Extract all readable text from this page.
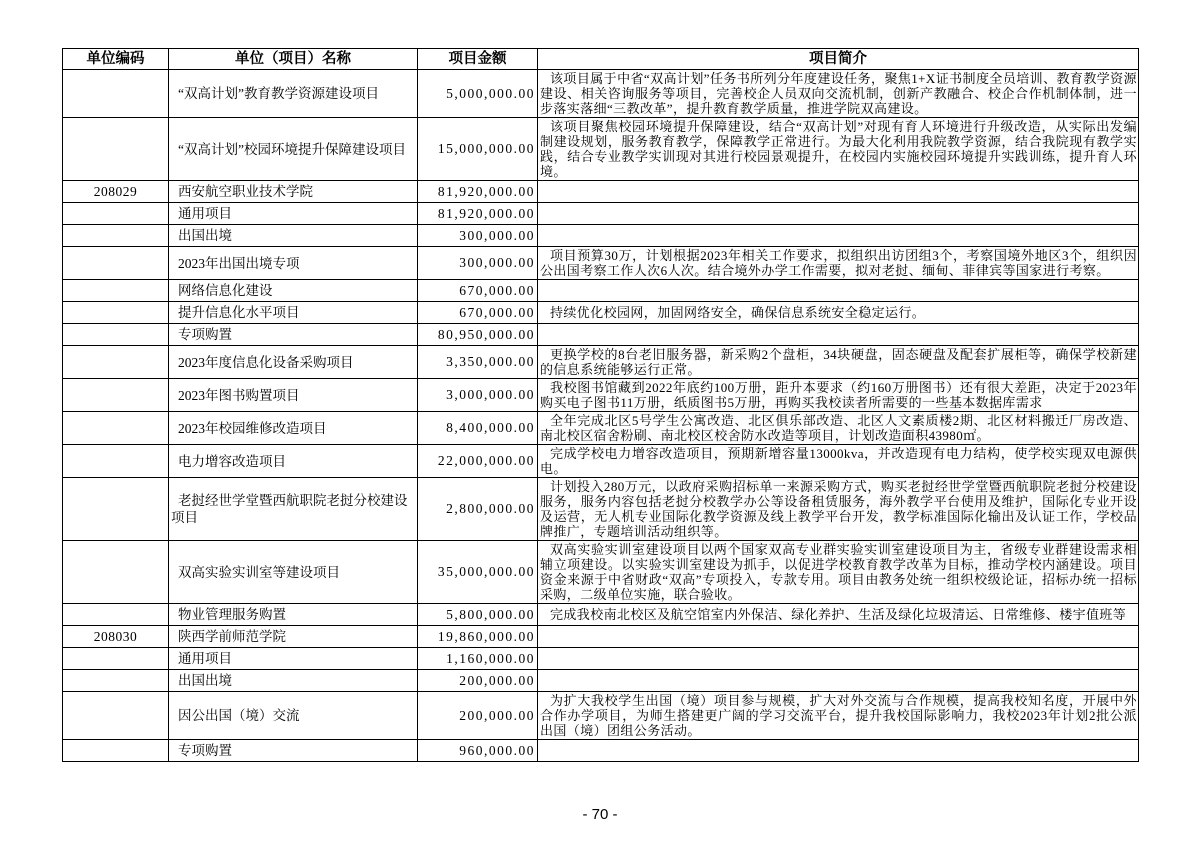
单位编码	单位（项目）名称	项目金额	项目简介
	“双高计划”教育教学资源建设项目	5,000,000.00	该项目属于中省“双高计划”任务书所列分年度建设任务，聚焦1+X证书制度全员培训、教育教学资源建设、相关咨询服务等项目，完善校企人员双向交流机制，创新产教融合、校企合作机制体制，进一步落实落细“三教改革”，提升教育教学质量，推进学院双高建设。
	“双高计划”校园环境提升保障建设项目	15,000,000.00	该项目聚焦校园环境提升保障建设，结合“双高计划”对现有育人环境进行升级改造，从实际出发编制建设规划，服务教育教学，保障教学正常进行。为最大化利用我院教学资源，结合我院现有教学实践，结合专业教学实训现对其进行校园景观提升，在校园内实施校园环境提升实践训练，提升育人环境。
208029	西安航空职业技术学院	81,920,000.00	
	通用项目	81,920,000.00	
	出国出境	300,000.00	
	2023年出国出境专项	300,000.00	项目预算30万，计划根据2023年相关工作要求，拟组织出访团组3个，考察国境外地区3个，组织因公出国考察工作人次6人次。结合境外办学工作需要，拟对老挝、缅甸、菲律宾等国家进行考察。
	网络信息化建设	670,000.00	
	提升信息化水平项目	670,000.00	持续优化校园网，加固网络安全，确保信息系统安全稳定运行。
	专项购置	80,950,000.00	
	2023年度信息化设备采购项目	3,350,000.00	更换学校的8台老旧服务器，新采购2个盘柜，34块硬盘，固态硬盘及配套扩展柜等，确保学校新建的信息系统能够运行正常。
	2023年图书购置项目	3,000,000.00	我校图书馆藏到2022年底约100万册，距升本要求（约160万册图书）还有很大差距，决定于2023年购买电子图书11万册，纸质图书5万册，再购买我校读者所需要的一些基本数据库需求
	2023年校园维修改造项目	8,400,000.00	全年完成北区5号学生公寓改造、北区俱乐部改造、北区人文素质楼2期、北区材料搬迁厂房改造、南北校区宿舍粉刷、南北校区校舍防水改造等项目，计划改造面积43980㎡。
	电力增容改造项目	22,000,000.00	完成学校电力增容改造项目，预期新增容量13000kva，并改造现有电力结构，使学校实现双电源供电。
	老挝经世学堂暨西航职院老挝分校建设项目	2,800,000.00	计划投入280万元，以政府采购招标单一来源采购方式，购买老挝经世学堂暨西航职院老挝分校建设服务，服务内容包括老挝分校教学办公等设备租赁服务，海外教学平台使用及维护，国际化专业开设及运营，无人机专业国际化教学资源及线上教学平台开发，教学标准国际化输出及认证工作，学校品牌推广，专题培训活动组织等。
	双高实验实训室等建设项目	35,000,000.00	双高实验实训室建设项目以两个国家双高专业群实验实训室建设项目为主，省级专业群建设需求相辅立项建设。以实验实训室建设为抓手，以促进学校教育教学改革为目标，推动学校内涵建设。项目资金来源于中省财政“双高”专项投入，专款专用。项目由教务处统一组织校级论证，招标办统一招标采购，二级单位实施，联合验收。
	物业管理服务购置	5,800,000.00	完成我校南北校区及航空馆室内外保洁、绿化养护、生活及绿化垃圾清运、日常维修、楼宇值班等
208030	陕西学前师范学院	19,860,000.00	
	通用项目	1,160,000.00	
	出国出境	200,000.00	
	因公出国（境）交流	200,000.00	为扩大我校学生出国（境）项目参与规模，扩大对外交流与合作规模，提高我校知名度，开展中外合作办学项目，为师生搭建更广阔的学习交流平台，提升我校国际影响力，我校2023年计划2批公派出国（境）团组公务活动。
	专项购置	960,000.00	
- 70 -
